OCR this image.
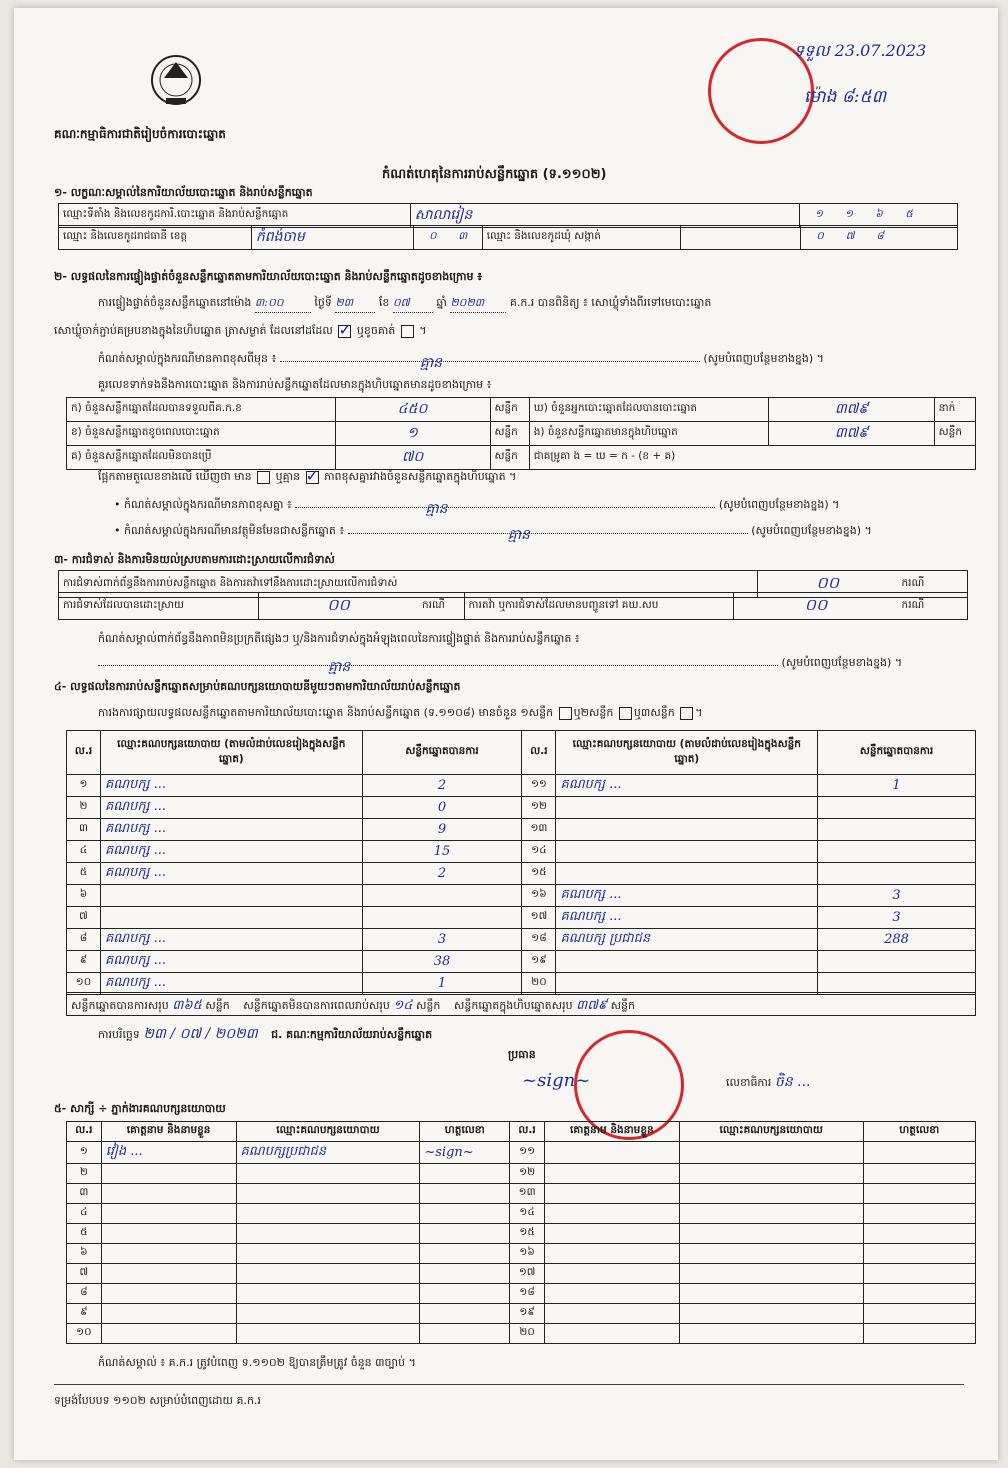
គណៈកម្មាធិការជាតិរៀបចំការបោះឆ្នោត
កំណត់ហេតុនៃការរាប់សន្លឹកឆ្នោត (ទ.១១០២)
ទទួល 23.07.2023
ម៉ោង ៨:៥៣
១- លក្ខណៈសម្គាល់នៃការិយាល័យបោះឆ្នោត និងរាប់សន្លឹកឆ្នោត
ឈ្មោះទីតាំង និងលេខកូដការិ.បោះឆ្នោត និងរាប់សន្លឹកឆ្នោត	សាលារៀន	១ ១ ៦ ៥
ឈ្មោះ និងលេខកូដរាជធានី ខេត្ត	កំពង់ចាម	០ ៣	ឈ្មោះ និងលេខកូដឃុំ សង្កាត់		០ ៧ ៨
២- លទ្ធផលនៃការផ្ទៀងផ្ទាត់ចំនួនសន្លឹកឆ្នោតតាមការិយាល័យបោះឆ្នោត និងរាប់សន្លឹកឆ្នោតដូចខាងក្រោម ៖
ការផ្ទៀងផ្ទាត់ចំនួនសន្លឹកឆ្នោតនៅម៉ោង ៣:០០	ថ្ងៃទី ២៣ ខែ ០៧ ឆ្នាំ ២០២៣ គ.ក.រ បានពិនិត្យ ៖ សោឃ្លុំទាំងពីរទៅមេបោះឆ្នោត
សោឃ្លុំចាក់ភ្ជាប់គម្របខាងក្នុងនៃហិបឆ្នោត ត្រាសម្ងាត់ ដែលនៅដដែល ✓ ឬខូចគាត់ ។
កំណត់សម្គាល់ក្នុងករណីមានភាពខុសពីមុន ៖	គ្មាន	(សូមបំពេញបន្ថែមខាងខ្នង) ។
គួរលេខទាក់ទងនឹងការបោះឆ្នោត និងការរាប់សន្លឹកឆ្នោតដែលមានក្នុងហិបឆ្នោតមានដូចខាងក្រោម ៖
ក) ចំនួនសន្លឹកឆ្នោតដែលបានទទួលពីគ.ក.ខ	៤៥០	សន្លឹក	ឃ) ចំនួនអ្នកបោះឆ្នោតដែលបានបោះឆ្នោត	៣៧៩	នាក់
ខ) ចំនួនសន្លឹកឆ្នោតខូចពេលបោះឆ្នោត	១	សន្លឹក	ង) ចំនួនសន្លឹកឆ្នោតមានក្នុងហិបឆ្នោត	៣៧៩	សន្លឹក
គ) ចំនួនសន្លឹកឆ្នោតដែលមិនបានប្រើ	៧០	សន្លឹក	ជាគម្រូគា ង = ឃ = ក - (ខ + គ)		
ផ្អែកតាមតួលេខខាងលើ ឃើញថា មាន ឬគ្មាន ✓ ភាពខុសគ្នារវាងចំនួនសន្លឹកឆ្នោតក្នុងហិបឆ្នោត ។
• កំណត់សម្គាល់ក្នុងករណីមានភាពខុសគ្នា ៖	គ្មាន	(សូមបំពេញបន្ថែមខាងខ្នង) ។
• កំណត់សម្គាល់ក្នុងករណីមានវត្ថុមិនមែនជាសន្លឹកឆ្នោត ៖	គ្មាន	(សូមបំពេញបន្ថែមខាងខ្នង) ។
៣- ការជំទាស់ និងការមិនយល់ស្របតាមការដោះស្រាយលើការជំទាស់
ការជំទាស់ពាក់ព័ន្ធនឹងការរាប់សន្លឹកឆ្នោត និងការតវ៉ាទៅនឹងការដោះស្រាយលើការជំទាស់	០០	ករណី
ការជំទាស់ដែលបានដោះស្រាយ	០០	ករណី	ការតវ៉ា ឬការជំទាស់ដែលមានបញ្ជូនទៅ គឃ.សប	០០	ករណី
កំណត់សម្គាល់ពាក់ព័ន្ធនឹងភាពមិនប្រក្រតីផ្សេងៗ ឬ/និងការជំទាស់ក្នុងអំឡុងពេលនៃការផ្ទៀងផ្ទាត់ និងការរាប់សន្លឹកឆ្នោត ៖
គ្មាន	(សូមបំពេញបន្ថែមខាងខ្នង) ។
៤- លទ្ធផលនៃការរាប់សន្លឹកឆ្នោតសម្រាប់គណបក្សនយោបាយនីមួយៗតាមការិយាល័យរាប់សន្លឹកឆ្នោត
ការងការផ្សាយលទ្ធផលសន្លឹកឆ្នោតតាមការិយាល័យបោះឆ្នោត និងរាប់សន្លឹកឆ្នោត (ទ.១១០៨) មានចំនួន ១សន្លឹក ឬ២សន្លឹក ឬ៣សន្លឹក ។
ល.រ	ឈ្មោះគណបក្សនយោបាយ (តាមលំដាប់លេខរៀងក្នុងសន្លឹកឆ្នោត)	សន្លឹកឆ្នោតបានការ	ល.រ	ឈ្មោះគណបក្សនយោបាយ (តាមលំដាប់លេខរៀងក្នុងសន្លឹកឆ្នោត)	សន្លឹកឆ្នោតបានការ
១	គណបក្ស ...	2	១១	គណបក្ស ...	1
២	គណបក្ស ...	0	១២		
៣	គណបក្ស ...	9	១៣		
៤	គណបក្ស ...	15	១៤		
៥	គណបក្ស ...	2	១៥		
៦			១៦	គណបក្ស ...	3
៧			១៧	គណបក្ស ...	3
៨	គណបក្ស ...	3	១៨	គណបក្ស ប្រជាជន	288
៩	គណបក្ស ...	38	១៩		
១០	គណបក្ស ...	1	២០		
សន្លឹកឆ្នោតបានការសរុប ៣៦៥ សន្លឹក សន្លឹកឆ្នោតមិនបានការពេលរាប់សរុប ១៤ សន្លឹក សន្លឹកឆ្នោតក្នុងហិបឆ្នោតសរុប ៣៧៩ សន្លឹក
ការបរិច្ឆេទ ២៣ / ០៧ / ២០២៣ ជ. គណៈកម្មការិយាល័យរាប់សន្លឹកឆ្នោត
ប្រធាន
~sign~	លេខាធិការ ចិន ...
៥- សាក្សី ÷ ភ្នាក់ងារគណបក្សនយោបាយ
ល.រ	គោត្តនាម និងនាមខ្លួន	ឈ្មោះគណបក្សនយោបាយ	ហត្ថលេខា	ល.រ	គោត្តនាម និងនាមខ្លួន	ឈ្មោះគណបក្សនយោបាយ	ហត្ថលេខា
១	វៀង ...	គណបក្សប្រជាជន	~sign~	១១			
២				១២			
៣				១៣			
៤				១៤			
៥				១៥			
៦				១៦			
៧				១៧			
៨				១៨			
៩				១៩			
១០				២០			
កំណត់សម្គាល់ ៖ គ.ក.រ ត្រូវបំពេញ ទ.១១០២ ឱ្យបានត្រឹមត្រូវ ចំនួន ៣ច្បាប់ ។
ទម្រង់បែបបទ ១១០២ សម្រាប់បំពេញដោយ គ.ក.រ
